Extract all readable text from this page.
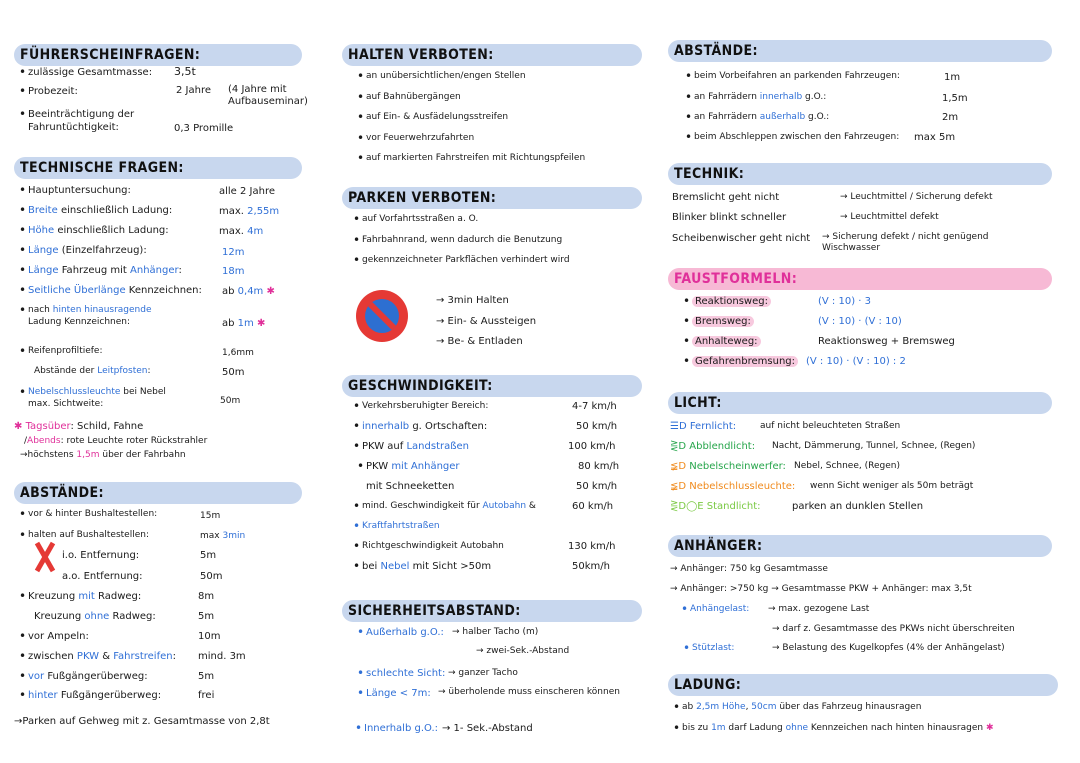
FÜHRERSCHEINFRAGEN:
• zulässige Gesamtmasse: 3,5t
• Probezeit:	2 Jahre (4 Jahre mit Aufbauseminar)
• Beeinträchtigung der Fahruntüchtigkeit:	0,3 Promille
TECHNISCHE FRAGEN:
• Hauptuntersuchung:	alle 2 Jahre
• Breite einschließlich Ladung:	max. 2,55m
• Höhe einschließlich Ladung:	max. 4m
• Länge (Einzelfahrzeug):	12m
• Länge Fahrzeug mit Anhänger:	18m
• Seitliche Überlänge Kennzeichnen: ab 0,4m ✱
• nach hinten hinausragende
Ladung Kennzeichnen:	ab 1m ✱
• Reifenprofiltiefe:	1,6mm
Abstände der Leitpfosten:	50m
• Nebelschlussleuchte bei Nebel
max. Sichtweite:	50m
✱ Tagsüber: Schild, Fahne
/Abends: rote Leuchte roter Rückstrahler
→höchstens 1,5m über der Fahrbahn
ABSTÄNDE:
• vor & hinter Bushaltestellen:	15m
• halten auf Bushaltestellen:	max 3min
i.o. Entfernung:	5m
a.o. Entfernung:	50m
• Kreuzung mit Radweg:	8m
Kreuzung ohne Radweg:	5m
• vor Ampeln:	10m
• zwischen PKW & Fahrstreifen: mind. 3m
• vor Fußgängerüberweg:	5m
• hinter Fußgängerüberweg:	frei
→Parken auf Gehweg mit z. Gesamtmasse von 2,8t
HALTEN VERBOTEN:
• an unübersichtlichen/engen Stellen
• auf Bahnübergängen
• auf Ein- & Ausfädelungsstreifen
• vor Feuerwehrzufahrten
• auf markierten Fahrstreifen mit Richtungspfeilen
PARKEN VERBOTEN:
• auf Vorfahrtsstraßen a. O.
• Fahrbahnrand, wenn dadurch die Benutzung
• gekennzeichneter Parkflächen verhindert wird
→ 3min Halten
→ Ein- & Aussteigen
→ Be- & Entladen
GESCHWINDIGKEIT:
• Verkehrsberuhigter Bereich:	4-7 km/h
• innerhalb g. Ortschaften:	50 km/h
• PKW auf Landstraßen	100 km/h
• PKW mit Anhänger	80 km/h
mit Schneeketten	50 km/h
• mind. Geschwindigkeit für Autobahn &	60 km/h
• Kraftfahrtstraßen
• Richtgeschwindigkeit Autobahn	130 km/h
• bei Nebel mit Sicht >50m	50km/h
SICHERHEITSABSTAND:
• Außerhalb g.O.: → halber Tacho (m)
→ zwei-Sek.-Abstand
• schlechte Sicht: → ganzer Tacho
• Länge < 7m: → überholende muss einscheren können
• Innerhalb g.O.: → 1- Sek.-Abstand
ABSTÄNDE:
• beim Vorbeifahren an parkenden Fahrzeugen:	1m
• an Fahrrädern innerhalb g.O.:	1,5m
• an Fahrrädern außerhalb g.O.:	2m
• beim Abschleppen zwischen den Fahrzeugen: max 5m
TECHNIK:
Bremslicht geht nicht	→ Leuchtmittel / Sicherung defekt
Blinker blinkt schneller	→ Leuchtmittel defekt
Scheibenwischer geht nicht → Sicherung defekt / nicht genügend Wischwasser
FAUSTFORMELN:
• Reaktionsweg:	(V : 10) · 3
• Bremsweg:	(V : 10) · (V : 10)
• Anhalteweg:	Reaktionsweg + Bremsweg
• Gefahrenbremsung:	(V : 10) · (V : 10) : 2
LICHT:
☰D Fernlicht:	auf nicht beleuchteten Straßen
⋛D Abblendlicht: Nacht, Dämmerung, Tunnel, Schnee, (Regen)
≨D Nebelscheinwerfer: Nebel, Schnee, (Regen)
≨D Nebelschlussleuchte: wenn Sicht weniger als 50m beträgt
⋛D◯E Standlicht:	parken an dunklen Stellen
ANHÄNGER:
→ Anhänger: 750 kg Gesamtmasse
→ Anhänger: >750 kg → Gesamtmasse PKW + Anhänger: max 3,5t
• Anhängelast: → max. gezogene Last
→ darf z. Gesamtmasse des PKWs nicht überschreiten
• Stützlast:	→ Belastung des Kugelkopfes (4% der Anhängelast)
LADUNG:
• ab 2,5m Höhe, 50cm über das Fahrzeug hinausragen
• bis zu 1m darf Ladung ohne Kennzeichen nach hinten hinausragen ✱
